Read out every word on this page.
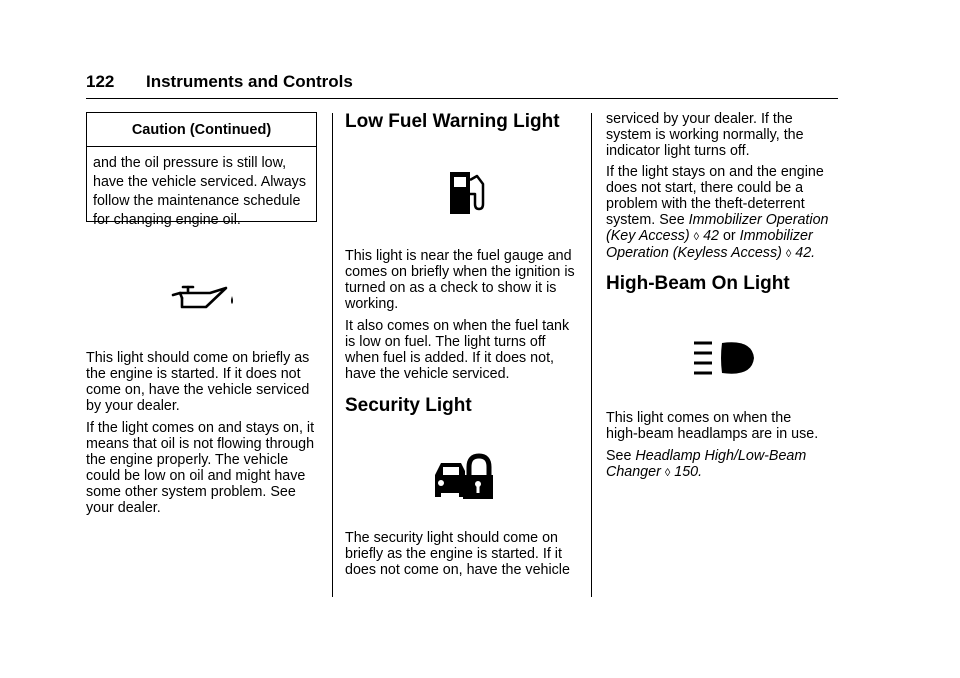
122 Instruments and Controls
Caution (Continued)
and the oil pressure is still low,
have the vehicle serviced. Always
follow the maintenance schedule
for changing engine oil.
This light should come on briefly as
the engine is started. If it does not
come on, have the vehicle serviced
by your dealer.
If the light comes on and stays on, it
means that oil is not flowing through
the engine properly. The vehicle
could be low on oil and might have
some other system problem. See
your dealer.
Low Fuel Warning Light
This light is near the fuel gauge and
comes on briefly when the ignition is
turned on as a check to show it is
working.
It also comes on when the fuel tank
is low on fuel. The light turns off
when fuel is added. If it does not,
have the vehicle serviced.
Security Light
The security light should come on
briefly as the engine is started. If it
does not come on, have the vehicle
serviced by your dealer. If the
system is working normally, the
indicator light turns off.
If the light stays on and the engine
does not start, there could be a
problem with the theft-deterrent
system. See Immobilizer Operation
(Key Access) ◊ 42 or Immobilizer
Operation (Keyless Access) ◊ 42.
High-Beam On Light
This light comes on when the
high-beam headlamps are in use.
See Headlamp High/Low-Beam
Changer ◊ 150.
